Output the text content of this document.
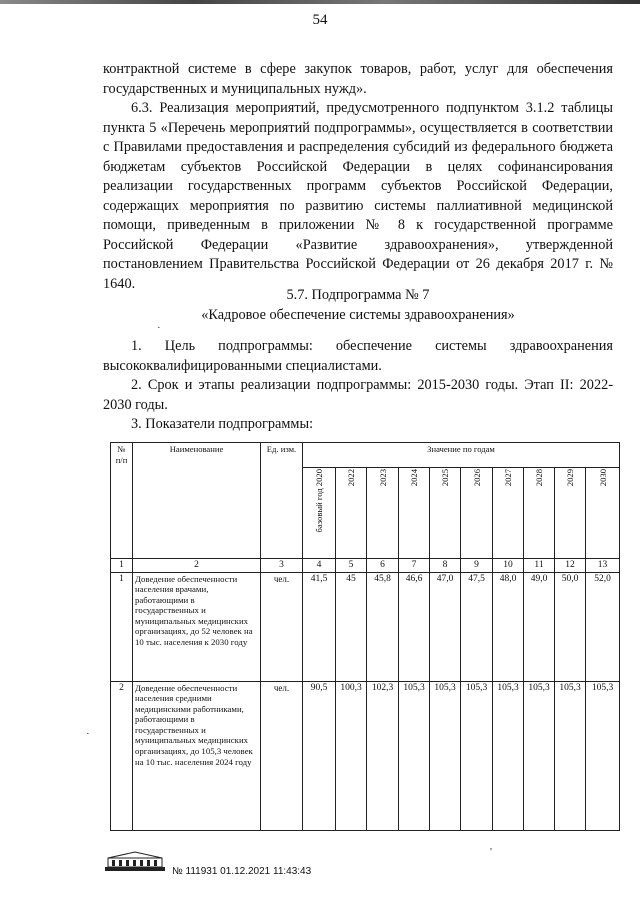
54

контрактной системе в сфере закупок товаров, работ, услуг для обеспечения государственных и муниципальных нужд».

6.3. Реализация мероприятий, предусмотренного подпунктом 3.1.2 таблицы пункта 5 «Перечень мероприятий подпрограммы», осуществляется в соответствии с Правилами предоставления и распределения субсидий из федерального бюджета бюджетам субъектов Российской Федерации в целях софинансирования реализации государственных программ субъектов Российской Федерации, содержащих мероприятия по развитию системы паллиативной медицинской помощи, приведенным в приложении № 8 к государственной программе Российской Федерации «Развитие здравоохранения», утвержденной постановлением Правительства Российской Федерации от 26 декабря 2017 г. № 1640.

5.7. Подпрограмма № 7
«Кадровое обеспечение системы здравоохранения»

1. Цель подпрограммы: обеспечение системы здравоохранения высококвалифицированными специалистами.

2. Срок и этапы реализации подпрограммы: 2015-2030 годы. Этап II: 2022-2030 годы.

3. Показатели подпрограммы:

№ п/п	Наименование	Ед. изм.	Значение по годам									
			базовый год 2020	2022	2023	2024	2025	2026	2027	2028	2029	2030
1	2	3	4	5	6	7	8	9	10	11	12	13
1	Доведение обеспеченности населения врачами, работающими в государственных и муниципальных медицинских организациях, до 52 человек на 10 тыс. населения к 2030 году	чел.	41,5	45	45,8	46,6	47,0	47,5	48,0	49,0	50,0	52,0
2	Доведение обеспеченности населения средними медицинскими работниками, работающими в государственных и муниципальных медицинских организациях, до 105,3 человек на 10 тыс. населения 2024 году	чел.	90,5	100,3	102,3	105,3	105,3	105,3	105,3	105,3	105,3	105,3
№ 111931 01.12.2021 11:43:43
·
·
'
